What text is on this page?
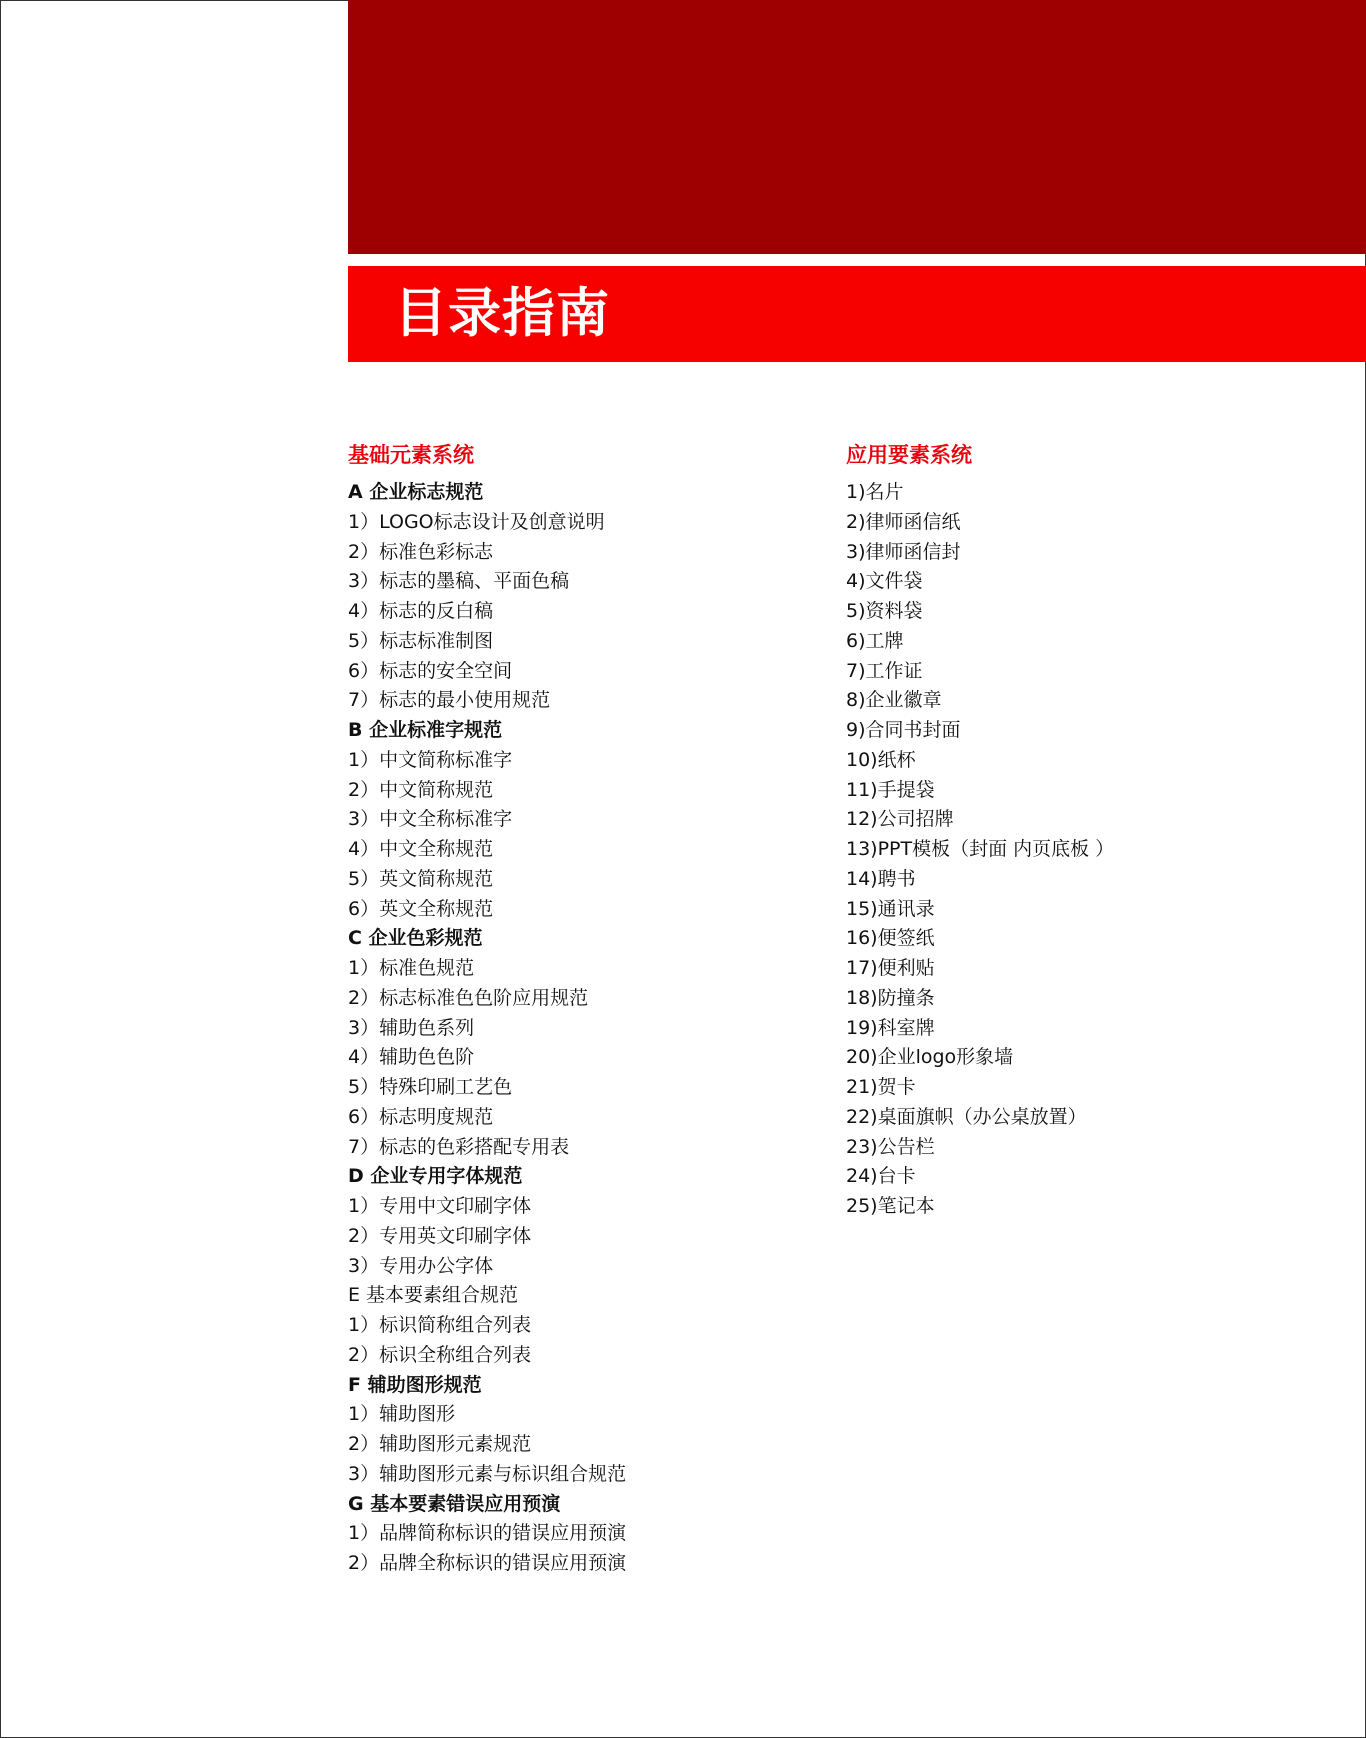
目录指南
基础元素系统
A 企业标志规范
1）LOGO标志设计及创意说明
2）标准色彩标志
3）标志的墨稿、平面色稿
4）标志的反白稿
5）标志标准制图
6）标志的安全空间
7）标志的最小使用规范
B 企业标准字规范
1）中文简称标准字
2）中文简称规范
3）中文全称标准字
4）中文全称规范
5）英文简称规范
6）英文全称规范
C 企业色彩规范
1）标准色规范
2）标志标准色色阶应用规范
3）辅助色系列
4）辅助色色阶
5）特殊印刷工艺色
6）标志明度规范
7）标志的色彩搭配专用表
D 企业专用字体规范
1）专用中文印刷字体
2）专用英文印刷字体
3）专用办公字体
E 基本要素组合规范
1）标识简称组合列表
2）标识全称组合列表
F 辅助图形规范
1）辅助图形
2）辅助图形元素规范
3）辅助图形元素与标识组合规范
G 基本要素错误应用预演
1）品牌简称标识的错误应用预演
2）品牌全称标识的错误应用预演
应用要素系统
1)名片
2)律师函信纸
3)律师函信封
4)文件袋
5)资料袋
6)工牌
7)工作证
8)企业徽章
9)合同书封面
10)纸杯
11)手提袋
12)公司招牌
13)PPT模板（封面 内页底板 ）
14)聘书
15)通讯录
16)便签纸
17)便利贴
18)防撞条
19)科室牌
20)企业logo形象墙
21)贺卡
22)桌面旗帜（办公桌放置）
23)公告栏
24)台卡
25)笔记本
